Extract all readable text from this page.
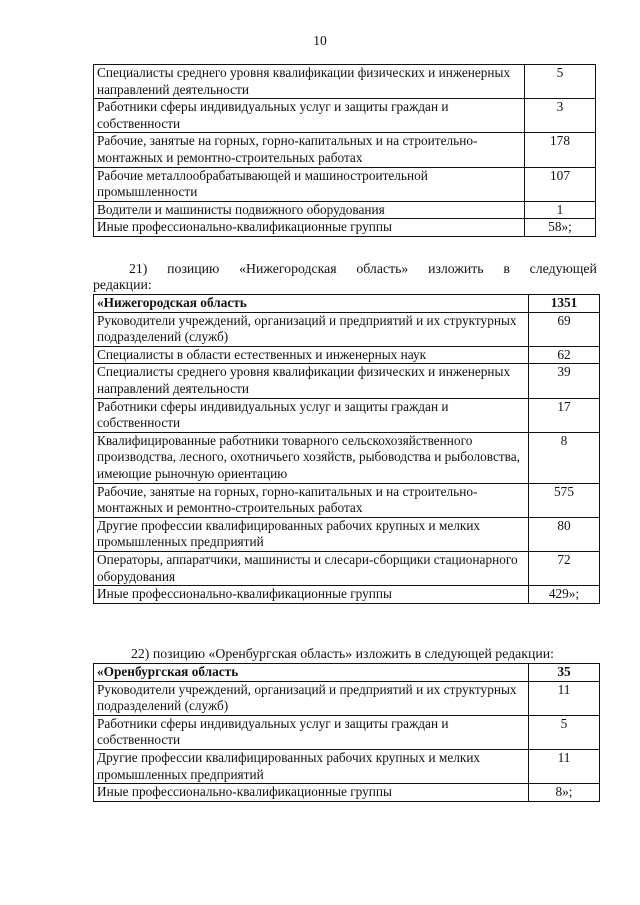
10
Специалисты среднего уровня квалификации физических и инженерных направлений деятельности	5
Работники сферы индивидуальных услуг и защиты граждан и собственности	3
Рабочие, занятые на горных, горно-капитальных и на строительно-монтажных и ремонтно-строительных работах	178
Рабочие металлообрабатывающей и машиностроительной промышленности	107
Водители и машинисты подвижного оборудования	1
Иные профессионально-квалификационные группы	58»;
21) позицию «Нижегородская область» изложить в следующей
редакции:
«Нижегородская область	1351
Руководители учреждений, организаций и предприятий и их структурных подразделений (служб)	69
Специалисты в области естественных и инженерных наук	62
Специалисты среднего уровня квалификации физических и инженерных направлений деятельности	39
Работники сферы индивидуальных услуг и защиты граждан и собственности	17
Квалифицированные работники товарного сельскохозяйственного производства, лесного, охотничьего хозяйств, рыбоводства и рыболовства, имеющие рыночную ориентацию	8
Рабочие, занятые на горных, горно-капитальных и на строительно-монтажных и ремонтно-строительных работах	575
Другие профессии квалифицированных рабочих крупных и мелких промышленных предприятий	80
Операторы, аппаратчики, машинисты и слесари-сборщики стационарного оборудования	72
Иные профессионально-квалификационные группы	429»;
22) позицию «Оренбургская область» изложить в следующей редакции:
«Оренбургская область	35
Руководители учреждений, организаций и предприятий и их структурных подразделений (служб)	11
Работники сферы индивидуальных услуг и защиты граждан и собственности	5
Другие профессии квалифицированных рабочих крупных и мелких промышленных предприятий	11
Иные профессионально-квалификационные группы	8»;
